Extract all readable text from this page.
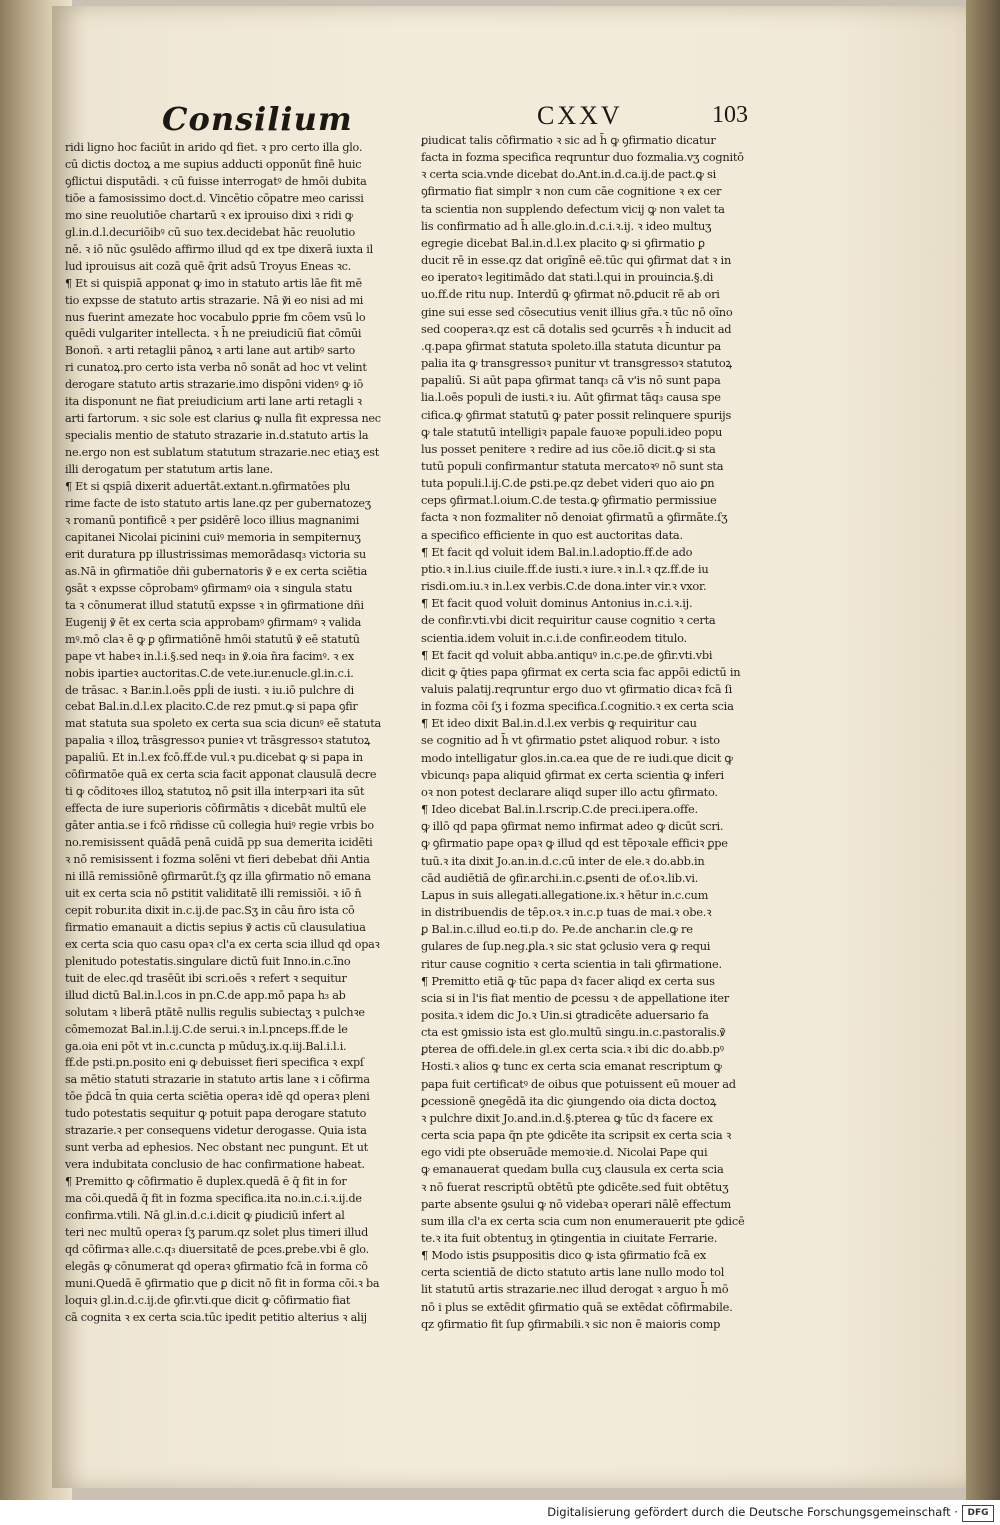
Consilium	CXXV	103
ridi ligno hoc faciūt in arido qd fiet. ꝛ pro certo illa glo.
cū dictis doctoꝝ a me supius adducti opponūt finē huic
ꝯflictui disputādi. ꝛ cū fuisse interrogatꝰ de hmōi dubita
tiōe a famosissimo doct.d. Vincētio cōpatre meo carissi
mo sine reuolutiōe chartarū ꝛ ex iprouiso dixi ꝛ ridi ꝙ
gl.in.d.l.decuriōibꝰ cū suo tex.decidebat hāc reuolutio
nē. ꝛ iō nūc ꝯsulēdo affirmo illud qd ex tpe dixerā iuxta il
lud iprouisus ait cozā quē q̄rit adsū Troyus Eneas ꝛc.
¶ Et si quispiā apponat ꝙ imo in statuto artis lāe fit mē
tio expsse de statuto artis strazarie. Nā ꝟ̄i eo nisi ad mi
nus fuerint amezate hoc vocabulo ꝑprie fm cōem vsū lo
quēdi vulgariter intellecta. ꝛ h̄ ne preiudiciū fiat cōmūi
Bonoñ. ꝛ arti retaglii pānoꝝ ꝛ arti lane aut artibꝰ sarto
ri cunatoꝝ.pro certo ista verba nō sonāt ad hoc vt velint
derogare statuto artis strazarie.imo dispōni videnꝰ ꝙ iō
ita disponunt ne fiat preiudicium arti lane arti retagli ꝛ
arti fartorum. ꝛ sic sole est clarius ꝙ nulla fit expressa nec
specialis mentio de statuto strazarie in.d.statuto artis la
ne.ergo non est sublatum statutum strazarie.nec etiaʒ est
illi derogatum per statutum artis lane.
¶ Et si qspiā dixerit aduertāt.extant.n.ꝯfirmatōes plu
rime facte de isto statuto artis lane.qz per gubernatozeʒ
ꝛ romanū pontificē ꝛ per ꝑsidērē loco illius magnanimi
capitanei Nicolai picinini cuiꝰ memoria in sempiternuʒ
erit duratura pp illustrissimas memorādasq₃ victoria su
as.Nā in ꝯfirmatiōe dñi gubernatoris ꝟ̄ e ex certa sciētia
ꝯsāt ꝛ expsse cōprobamꝰ ꝯfirmamꝰ oia ꝛ singula statu
ta ꝛ cōnumerat illud statutū expsse ꝛ in ꝯfirmatione dñi
Eugenij ꝟ̄ ēt ex certa scia approbamꝰ ꝯfirmamꝰ ꝛ valida
mꝰ.mō claꝛ ē ꝙ ꝑ ꝯfirmatiōnē hmōi statutū ꝟ̄ eē statutū
pape vt habeꝛ in.l.i.§.sed neq₃ in ꝟ̄.oia n̄ra facimꝰ. ꝛ ex
nobis ipartieꝛ auctoritas.C.de vete.iur.enucle.gl.in.c.i.
de trāsac. ꝛ Bar.in.l.oēs ꝑpĺi de iusti. ꝛ iu.iō pulchre di
cebat Bal.in.d.l.ex placito.C.de rez pmut.ꝙ si papa ꝯfir
mat statuta sua spoleto ex certa sua scia dicunꝰ eē statuta
papalia ꝛ illoꝝ trāsgressoꝛ punieꝛ vt trāsgressoꝛ statutoꝝ
papaliū. Et in.l.ex fcō.ff.de vul.ꝛ pu.dicebat ꝙ si papa in
cōfirmatōe quā ex certa scia facit apponat clausulā decre
ti ꝙ cōditoꝛes illoꝝ statutoꝝ nō ꝑsit illa interpꝛari ita sūt
effecta de iure superioris cōfirmātis ꝛ dicebāt multū ele
gāter antia.se i fcō rñdisse cū collegia huiꝰ regie vrbis bo
no.remisissent quādā penā cuidā pp sua demerita icidēti
ꝛ nō remisissent i fozma solēni vt fieri debebat dñi Antia
ni illā remissiōnē ꝯfirmarūt.ſʒ qz illa ꝯfirmatio nō emana
uit ex certa scia nō ꝑstitit validitatē illi remissiōi. ꝛ iō n̄
cepit robur.ita dixit in.c.ij.de pac.Sʒ in cāu n̄ro ista cō
firmatio emanauit a dictis sepius ꝟ̄ actis cū clausulatiua
ex certa scia quo casu opaꝛ cl'a ex certa scia illud qd opaꝛ
plenitudo potestatis.singulare dictū fuit Inno.in.c.īno
tuit de elec.qd trasēūt ibi scri.oēs ꝛ refert ꝛ sequitur
illud dictū Bal.in.l.cos in pn.C.de app.mō papa h₃ ab
solutam ꝛ liberā ptātē nullis regulis subiectaʒ ꝛ pulchꝛe
cōmemozat Bal.in.l.ij.C.de serui.ꝛ in.l.pnceps.ff.de le
ga.oia eni pōt vt in.c.cuncta p mūduʒ.ix.q.iij.Bal.i.l.i.
ff.de psti.pn.posito eni ꝙ debuisset fieri specifica ꝛ expſ
sa mētio statuti strazarie in statuto artis lane ꝛ i cōfirma
tōe p̄dcā t̄n quia certa sciētia operaꝛ idē qd operaꝛ pleni
tudo potestatis sequitur ꝙ potuit papa derogare statuto
strazarie.ꝛ per consequens videtur derogasse. Quia ista
sunt verba ad ephesios. Nec obstant nec pungunt. Et ut
vera indubitata conclusio de hac confirmatione habeat.
¶ Premitto ꝙ cōfirmatio ē duplex.quedā ē q̄ fit in for
ma cōi.quedā q̄ fit in fozma specifica.ita no.in.c.i.ꝛ.ij.de
confirma.vtili. Nā gl.in.d.c.i.dicit ꝙ ꝑiudiciū infert al
teri nec multū operaꝛ ſʒ parum.qz solet plus timeri illud
qd cōfirmaꝛ alle.c.q₃ diuersitatē de ꝑces.ꝑrebe.vbi ē glo.
elegās ꝙ cōnumerat qd operaꝛ ꝯfirmatio fcā in forma cō
muni.Quedā ē ꝯfirmatio que ꝑ dicit nō fit in forma cōi.ꝛ ba
loquiꝛ gl.in.d.c.ij.de ꝯfir.vti.que dicit ꝙ cōfirmatio fiat
cā cognita ꝛ ex certa scia.tūc ipedit petitio alterius ꝛ alij
ꝑiudicat talis cōfirmatio ꝛ sic ad h̄ ꝙ ꝯfirmatio dicatur
facta in fozma specifica reqruntur duo fozmalia.vʒ cognitō
ꝛ certa scia.vnde dicebat do.Ant.in.d.ca.ij.de pact.ꝙ si
ꝯfirmatio fiat simplr ꝛ non cum cāe cognitione ꝛ ex cer
ta scientia non supplendo defectum vicij ꝙ non valet ta
lis confirmatio ad h̄ alle.glo.in.d.c.i.ꝛ.ij. ꝛ ideo multuʒ
egregie dicebat Bal.in.d.l.ex placito ꝙ si ꝯfirmatio ꝑ
ducit rē in esse.qz dat origīnē eē.tūc qui ꝯfirmat dat ꝛ in
eo iperatoꝛ legitimādo dat stati.l.qui in prouincia.§.di
uo.ff.de ritu nup. Interdū ꝙ ꝯfirmat nō.ꝑducit rē ab ori
gine sui esse sed cōsecutius venit illius gr̄a.ꝛ tūc nō oīno
sed cooperaꝛ.qz est cā dotalis sed ꝯcurrēs ꝛ h̄ inducit ad
.q.papa ꝯfirmat statuta spoleto.illa statuta dicuntur pa
palia ita ꝙ transgressoꝛ punitur vt transgressoꝛ statutoꝝ
papaliū. Si aūt papa ꝯfirmat tanq₃ cā v'is nō sunt papa
lia.l.oēs populi de iusti.ꝛ iu. Aūt ꝯfirmat tāq₃ causa spe
cifica.ꝙ ꝯfirmat statutū ꝙ pater possit relinquere spurijs
ꝙ tale statutū intelligiꝛ papale fauoꝛe populi.ideo popu
lus posset penitere ꝛ redire ad ius cōe.iō dicit.ꝙ si sta
tutū populi confirmantur statuta mercatoꝛꝰ nō sunt sta
tuta populi.l.ij.C.de ꝑsti.pe.qz debet videri quo aio ꝑn
ceps ꝯfirmat.l.oium.C.de testa.ꝙ ꝯfirmatio permissiue
facta ꝛ non fozmaliter nō denoiat ꝯfirmatū a ꝯfirmāte.ſʒ
a specifico efficiente in quo est auctoritas data.
¶ Et facit qd voluit idem Bal.in.l.adoptio.ff.de ado
ptio.ꝛ in.l.ius ciuile.ff.de iusti.ꝛ iure.ꝛ in.l.ꝛ qz.ff.de iu
risdi.om.iu.ꝛ in.l.ex verbis.C.de dona.inter vir.ꝛ vxor.
¶ Et facit quod voluit dominus Antonius in.c.i.ꝛ.ij.
de confir.vti.vbi dicit requiritur cause cognitio ꝛ certa
scientia.idem voluit in.c.i.de confir.eodem titulo.
¶ Et facit qd voluit abba.antiquꝰ in.c.pe.de ꝯfir.vti.vbi
dicit ꝙ q̄ties papa ꝯfirmat ex certa scia fac appōi edictū in
valuis palatij.reqruntur ergo duo vt ꝯfirmatio dicaꝛ fcā ſi
in fozma cōi ſʒ i fozma specifica.ſ.cognitio.ꝛ ex certa scia
¶ Et ideo dixit Bal.in.d.l.ex verbis ꝙ requiritur cau
se cognitio ad h̄ vt ꝯfirmatio ꝑstet aliquod robur. ꝛ isto
modo intelligatur glos.in.ca.ea que de re iudi.que dicit ꝙ
vbicunq₃ papa aliquid ꝯfirmat ex certa scientia ꝙ inferi
oꝛ non potest declarare aliqd super illo actu ꝯfirmato.
¶ Ideo dicebat Bal.in.l.rscrip.C.de preci.ipera.offe.
ꝙ illō qd papa ꝯfirmat nemo infirmat adeo ꝙ dicūt scri.
ꝙ ꝯfirmatio pape opaꝛ ꝙ illud qd est tēpoꝛale efficiꝛ ꝑpe
tuū.ꝛ ita dixit Jo.an.in.d.c.cū inter de ele.ꝛ do.abb.in
cād audiētiā de ꝯfir.archi.in.c.ꝑsenti de of.oꝛ.lib.vi.
Lapus in suis allegati.allegatione.ix.ꝛ hētur in.c.cum
in distribuendis de tēp.oꝛ.ꝛ in.c.p tuas de mai.ꝛ obe.ꝛ
ꝑ Bal.in.c.illud eo.ti.p do. Pe.de anchar.in cle.ꝙ re
gulares de ſup.neg.ꝑla.ꝛ sic stat ꝯclusio vera ꝙ requi
ritur cause cognitio ꝛ certa scientia in tali ꝯfirmatione.
¶ Premitto etiā ꝙ tūc papa dꝛ facer aliqd ex certa sus
scia si in l'is fiat mentio de ꝑcessu ꝛ de appellatione iter
posita.ꝛ idem dic Jo.ꝛ Uin.si ꝯtradicēte aduersario fa
cta est ꝯmissio ista est glo.multū singu.in.c.pastoralis.ꝟ̄
ꝑterea de offi.dele.in gl.ex certa scia.ꝛ ibi dic do.abb.pꝰ
Hosti.ꝛ alios ꝙ tunc ex certa scia emanat rescriptum ꝙ
papa fuit certificatꝰ de oibus que potuissent eū mouer ad
ꝑcessionē ꝯnegēdā ita dic ꝯiungendo oia dicta doctoꝝ
ꝛ pulchre dixit Jo.and.in.d.§.pterea ꝙ tūc dꝛ facere ex
certa scia papa q̄n pte ꝯdicēte ita scripsit ex certa scia ꝛ
ego vidi pte obseruāde memoꝛie.d. Nicolai Pape qui
ꝙ emanauerat quedam bulla cuʒ clausula ex certa scia
ꝛ nō fuerat rescriptū obtētū pte ꝯdicēte.sed fuit obtētuʒ
parte absente ꝯsului ꝙ nō videbaꝛ operari nālē effectum
sum illa cl'a ex certa scia cum non enumerauerit pte ꝯdicē
te.ꝛ ita fuit obtentuʒ in ꝯtingentia in ciuitate Ferrarie.
¶ Modo istis ꝑsuppositis dico ꝙ ista ꝯfirmatio fcā ex
certa scientiā de dicto statuto artis lane nullo modo tol
lit statutū artis strazarie.nec illud derogat ꝛ arguo h̄ mō
nō i plus se extēdit ꝯfirmatio quā se extēdat cōfirmabile.
qz ꝯfirmatio fit ſup ꝯfirmabili.ꝛ sic non ē maioris comp
Digitalisierung gefördert durch die Deutsche Forschungsgemeinschaft ·	DFG
